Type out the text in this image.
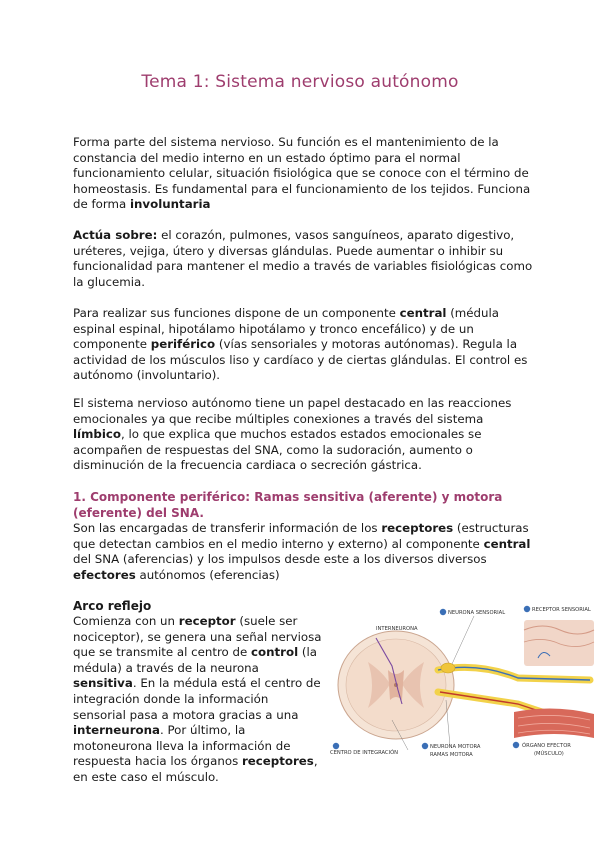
Tema 1: Sistema nervioso autónomo

Forma parte del sistema nervioso. Su función es el mantenimiento de la constancia del medio interno en un estado óptimo para el normal funcionamiento celular, situación fisiológica que se conoce con el término de homeostasis. Es fundamental para el funcionamiento de los tejidos. Funciona de forma involuntaria

Actúa sobre: el corazón, pulmones, vasos sanguíneos, aparato digestivo, uréteres, vejiga, útero y diversas glándulas. Puede aumentar o inhibir su funcionalidad para mantener el medio a través de variables fisiológicas como la glucemia.

Para realizar sus funciones dispone de un componente central (médula espinal espinal, hipotálamo hipotálamo y tronco encefálico) y de un componente periférico (vías sensoriales y motoras autónomas). Regula la actividad de los músculos liso y cardíaco y de ciertas glándulas. El control es autónomo (involuntario).

El sistema nervioso autónomo tiene un papel destacado en las reacciones emocionales ya que recibe múltiples conexiones a través del sistema límbico, lo que explica que muchos estados estados emocionales se acompañen de respuestas del SNA, como la sudoración, aumento o disminución de la frecuencia cardiaca o secreción gástrica.

1. Componente periférico: Ramas sensitiva (aferente) y motora (eferente) del SNA.

Son las encargadas de transferir información de los receptores (estructuras que detectan cambios en el medio interno y externo) al componente central del SNA (aferencias) y los impulsos desde este a los diversos diversos efectores autónomos (eferencias)

Arco reflejo

Comienza con un receptor (suele ser nociceptor), se genera una señal nerviosa que se transmite al centro de control (la médula) a través de la neurona sensitiva. En la médula está el centro de integración donde la información sensorial pasa a motora gracias a una interneurona. Por último, la motoneurona lleva la información de respuesta hacia los órganos receptores, en este caso el músculo.

INTERNEURONA
NEURONA SENSORIAL	RECEPTOR SENSORIAL
CENTRO DE INTEGRACIÓN
NEURONA MOTORA
RAMAS MOTORA
ÓRGANO EFECTOR
(MÚSCULO)
